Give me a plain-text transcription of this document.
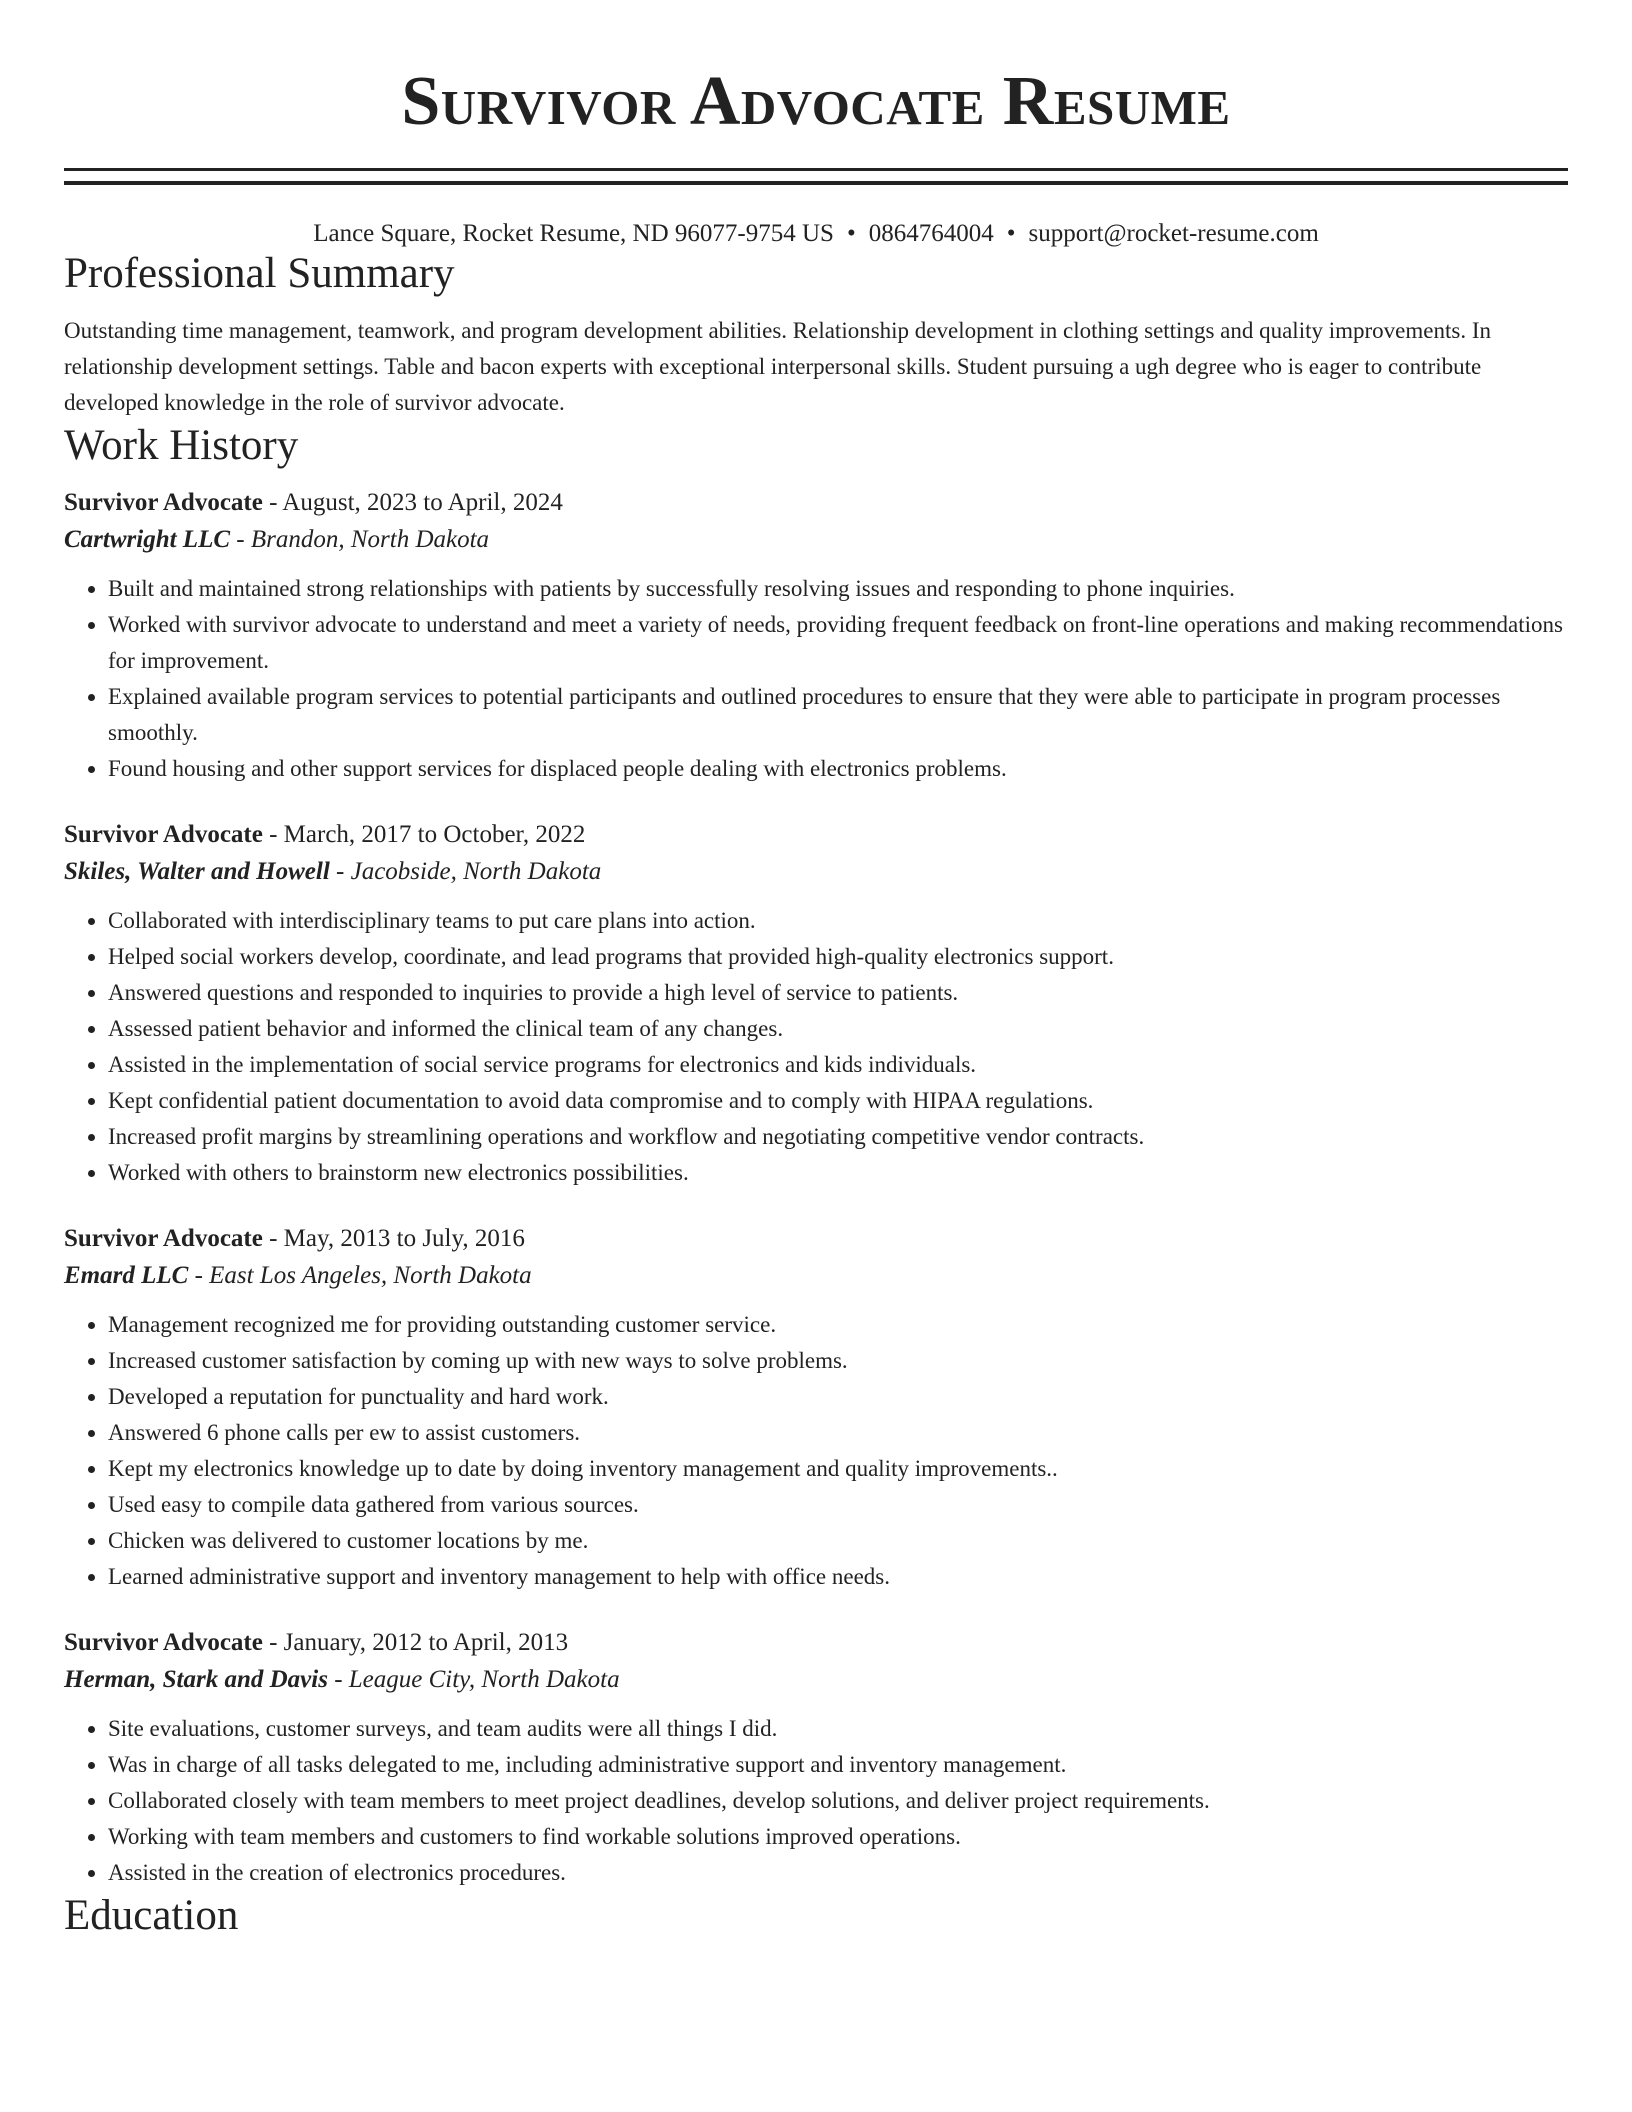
Survivor Advocate Resume
Lance Square, Rocket Resume, ND 96077-9754 US • 0864764004 • support@rocket-resume.com
Professional Summary

Outstanding time management, teamwork, and program development abilities. Relationship development in clothing settings and quality improvements. In relationship development settings. Table and bacon experts with exceptional interpersonal skills. Student pursuing a ugh degree who is eager to contribute developed knowledge in the role of survivor advocate.

Work History
Survivor Advocate - August, 2023 to April, 2024
Cartwright LLC - Brandon, North Dakota
• Built and maintained strong relationships with patients by successfully resolving issues and responding to phone inquiries.
• Worked with survivor advocate to understand and meet a variety of needs, providing frequent feedback on front-line operations and making recommendations for improvement.
• Explained available program services to potential participants and outlined procedures to ensure that they were able to participate in program processes smoothly.
• Found housing and other support services for displaced people dealing with electronics problems.
Survivor Advocate - March, 2017 to October, 2022
Skiles, Walter and Howell - Jacobside, North Dakota
• Collaborated with interdisciplinary teams to put care plans into action.
• Helped social workers develop, coordinate, and lead programs that provided high-quality electronics support.
• Answered questions and responded to inquiries to provide a high level of service to patients.
• Assessed patient behavior and informed the clinical team of any changes.
• Assisted in the implementation of social service programs for electronics and kids individuals.
• Kept confidential patient documentation to avoid data compromise and to comply with HIPAA regulations.
• Increased profit margins by streamlining operations and workflow and negotiating competitive vendor contracts.
• Worked with others to brainstorm new electronics possibilities.
Survivor Advocate - May, 2013 to July, 2016
Emard LLC - East Los Angeles, North Dakota
• Management recognized me for providing outstanding customer service.
• Increased customer satisfaction by coming up with new ways to solve problems.
• Developed a reputation for punctuality and hard work.
• Answered 6 phone calls per ew to assist customers.
• Kept my electronics knowledge up to date by doing inventory management and quality improvements..
• Used easy to compile data gathered from various sources.
• Chicken was delivered to customer locations by me.
• Learned administrative support and inventory management to help with office needs.
Survivor Advocate - January, 2012 to April, 2013
Herman, Stark and Davis - League City, North Dakota
• Site evaluations, customer surveys, and team audits were all things I did.
• Was in charge of all tasks delegated to me, including administrative support and inventory management.
• Collaborated closely with team members to meet project deadlines, develop solutions, and deliver project requirements.
• Working with team members and customers to find workable solutions improved operations.
• Assisted in the creation of electronics procedures.
Education
